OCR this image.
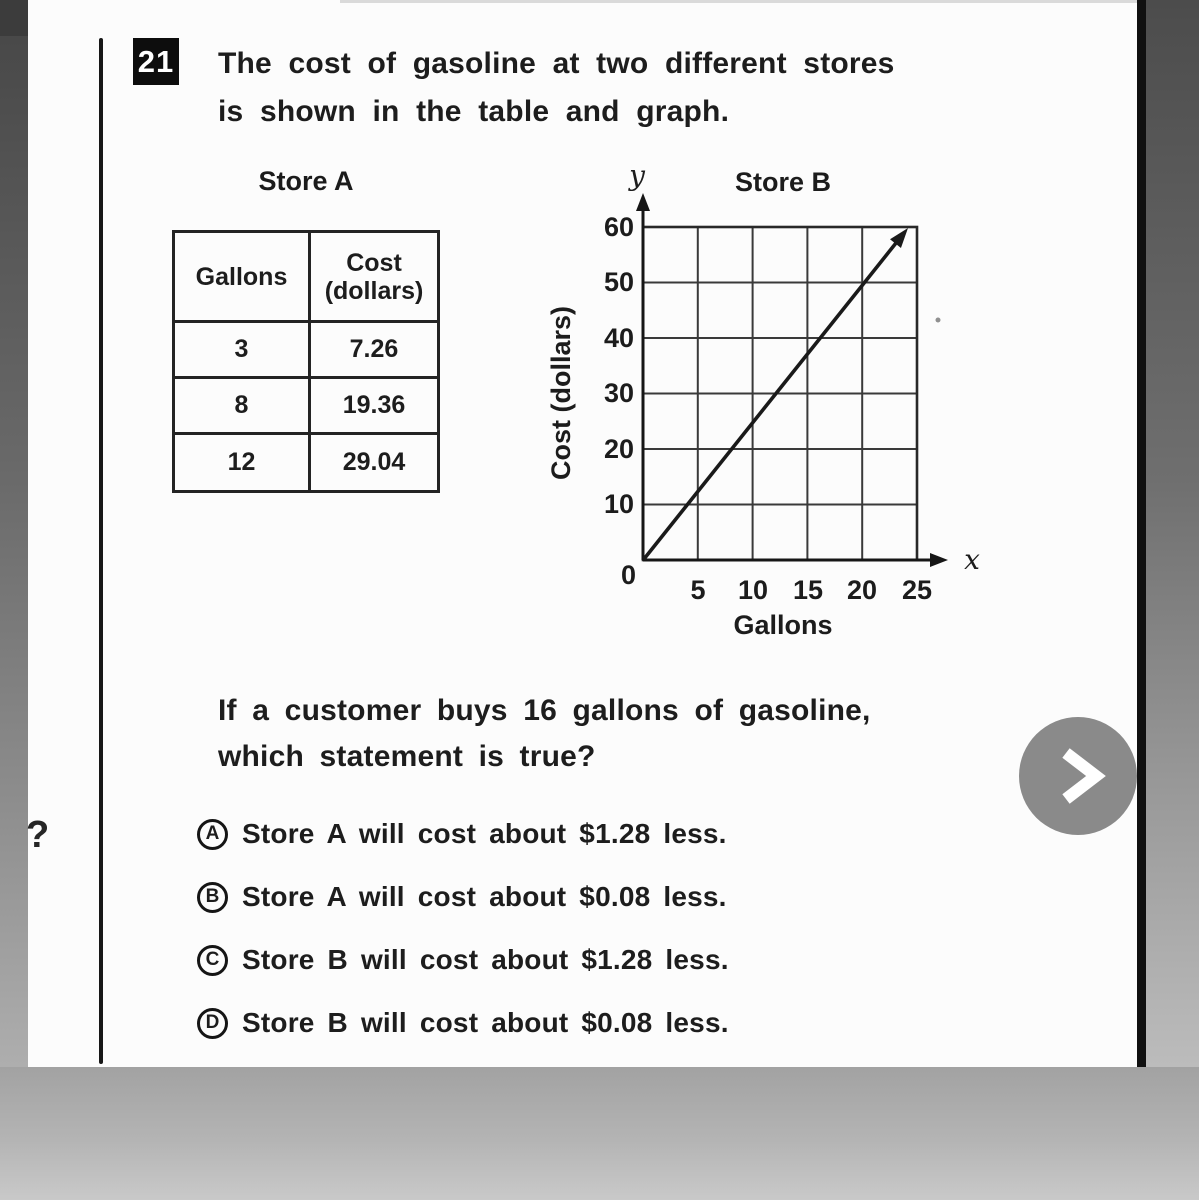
21 The cost of gasoline at two different stores
is shown in the table and graph.
Store A
Gallons	Cost
(dollars)
3	7.26
8	19.36
12	29.04
y
x
Store B
60
50
40
30
20
10
0 5 10 15 20 25
Gallons
Cost (dollars)
If a customer buys 16 gallons of gasoline,
which statement is true?
A Store A will cost about $1.28 less.
B Store A will cost about $0.08 less.
C Store B will cost about $1.28 less.
D Store B will cost about $0.08 less.
?
